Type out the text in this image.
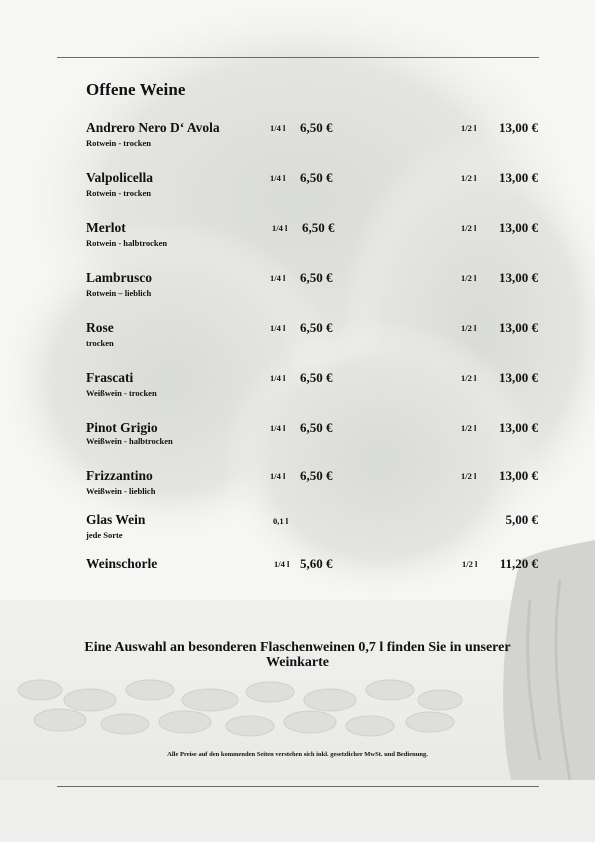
Offene Weine
Andrero Nero D‘ Avola
Rotwein - trocken
1/4 l 6,50 €	1/2 l 13,00 €
Valpolicella
Rotwein - trocken
1/4 l 6,50 €	1/2 l 13,00 €
Merlot
Rotwein - halbtrocken
1/4 l 6,50 €	1/2 l 13,00 €
Lambrusco
Rotwein – lieblich
1/4 l 6,50 €	1/2 l 13,00 €
Rose
trocken
1/4 l 6,50 €	1/2 l 13,00 €
Frascati
Weißwein - trocken
1/4 l 6,50 €	1/2 l 13,00 €
Pinot Grigio
Weißwein - halbtrocken
1/4 l 6,50 €	1/2 l 13,00 €
Frizzantino
Weißwein - lieblich
1/4 l 6,50 €	1/2 l 13,00 €
Glas Wein
jede Sorte
0,1 l	5,00 €
Weinschorle	1/4 l 5,60 €	1/2 l 11,20 €
Eine Auswahl an besonderen Flaschenweinen 0,7 l finden Sie in unserer Weinkarte
Alle Preise auf den kommenden Seiten verstehen sich inkl. gesetzlicher MwSt. und Bedienung.
